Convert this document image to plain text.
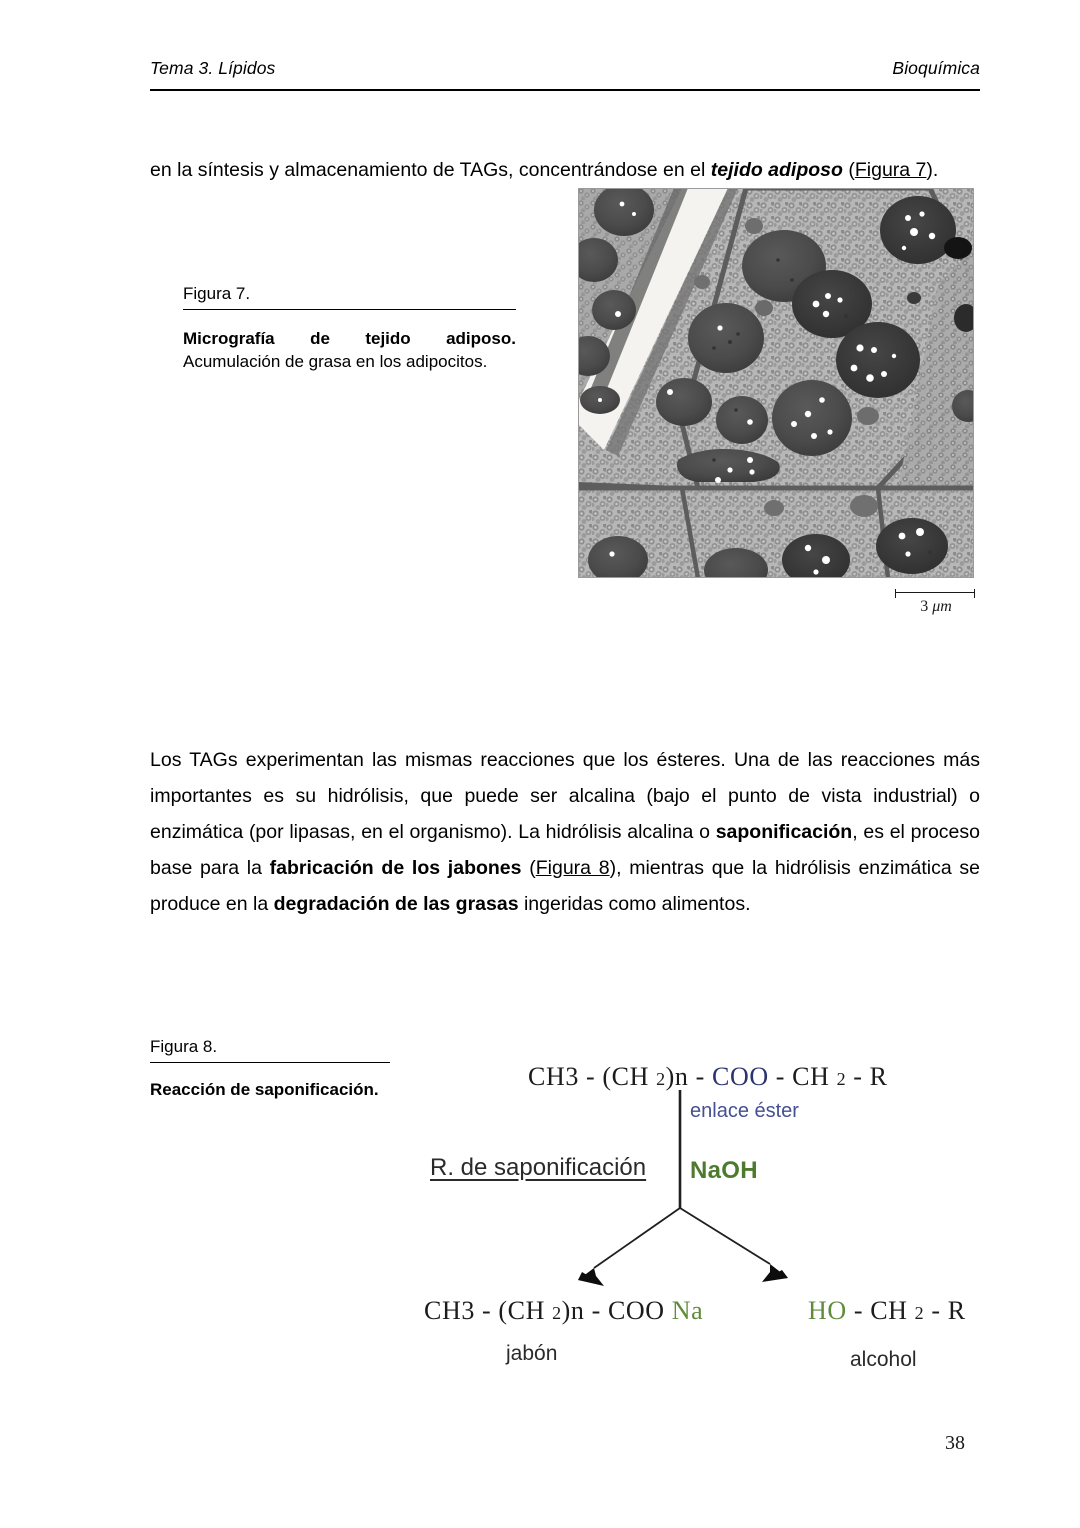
Tema 3. Lípidos	Bioquímica

en la síntesis y almacenamiento de TAGs, concentrándose en el tejido adiposo (Figura 7).

Figura 7.
Micrografía de tejido adiposo.
Acumulación de grasa en los adipocitos.
3 μm

Los TAGs experimentan las mismas reacciones que los ésteres. Una de las reacciones más importantes es su hidrólisis, que puede ser alcalina (bajo el punto de vista industrial) o enzimática (por lipasas, en el organismo). La hidrólisis alcalina o saponificación, es el proceso base para la fabricación de los jabones (Figura 8), mientras que la hidrólisis enzimática se produce en la degradación de las grasas ingeridas como alimentos.

Figura 8.
Reacción de saponificación.	CH3 - (CH 2)n - COO - CH 2 - R
enlace éster
NaOH
R. de saponificación
CH3 - (CH 2)n - COO Na	HO - CH 2 - R
jabón	alcohol
38
